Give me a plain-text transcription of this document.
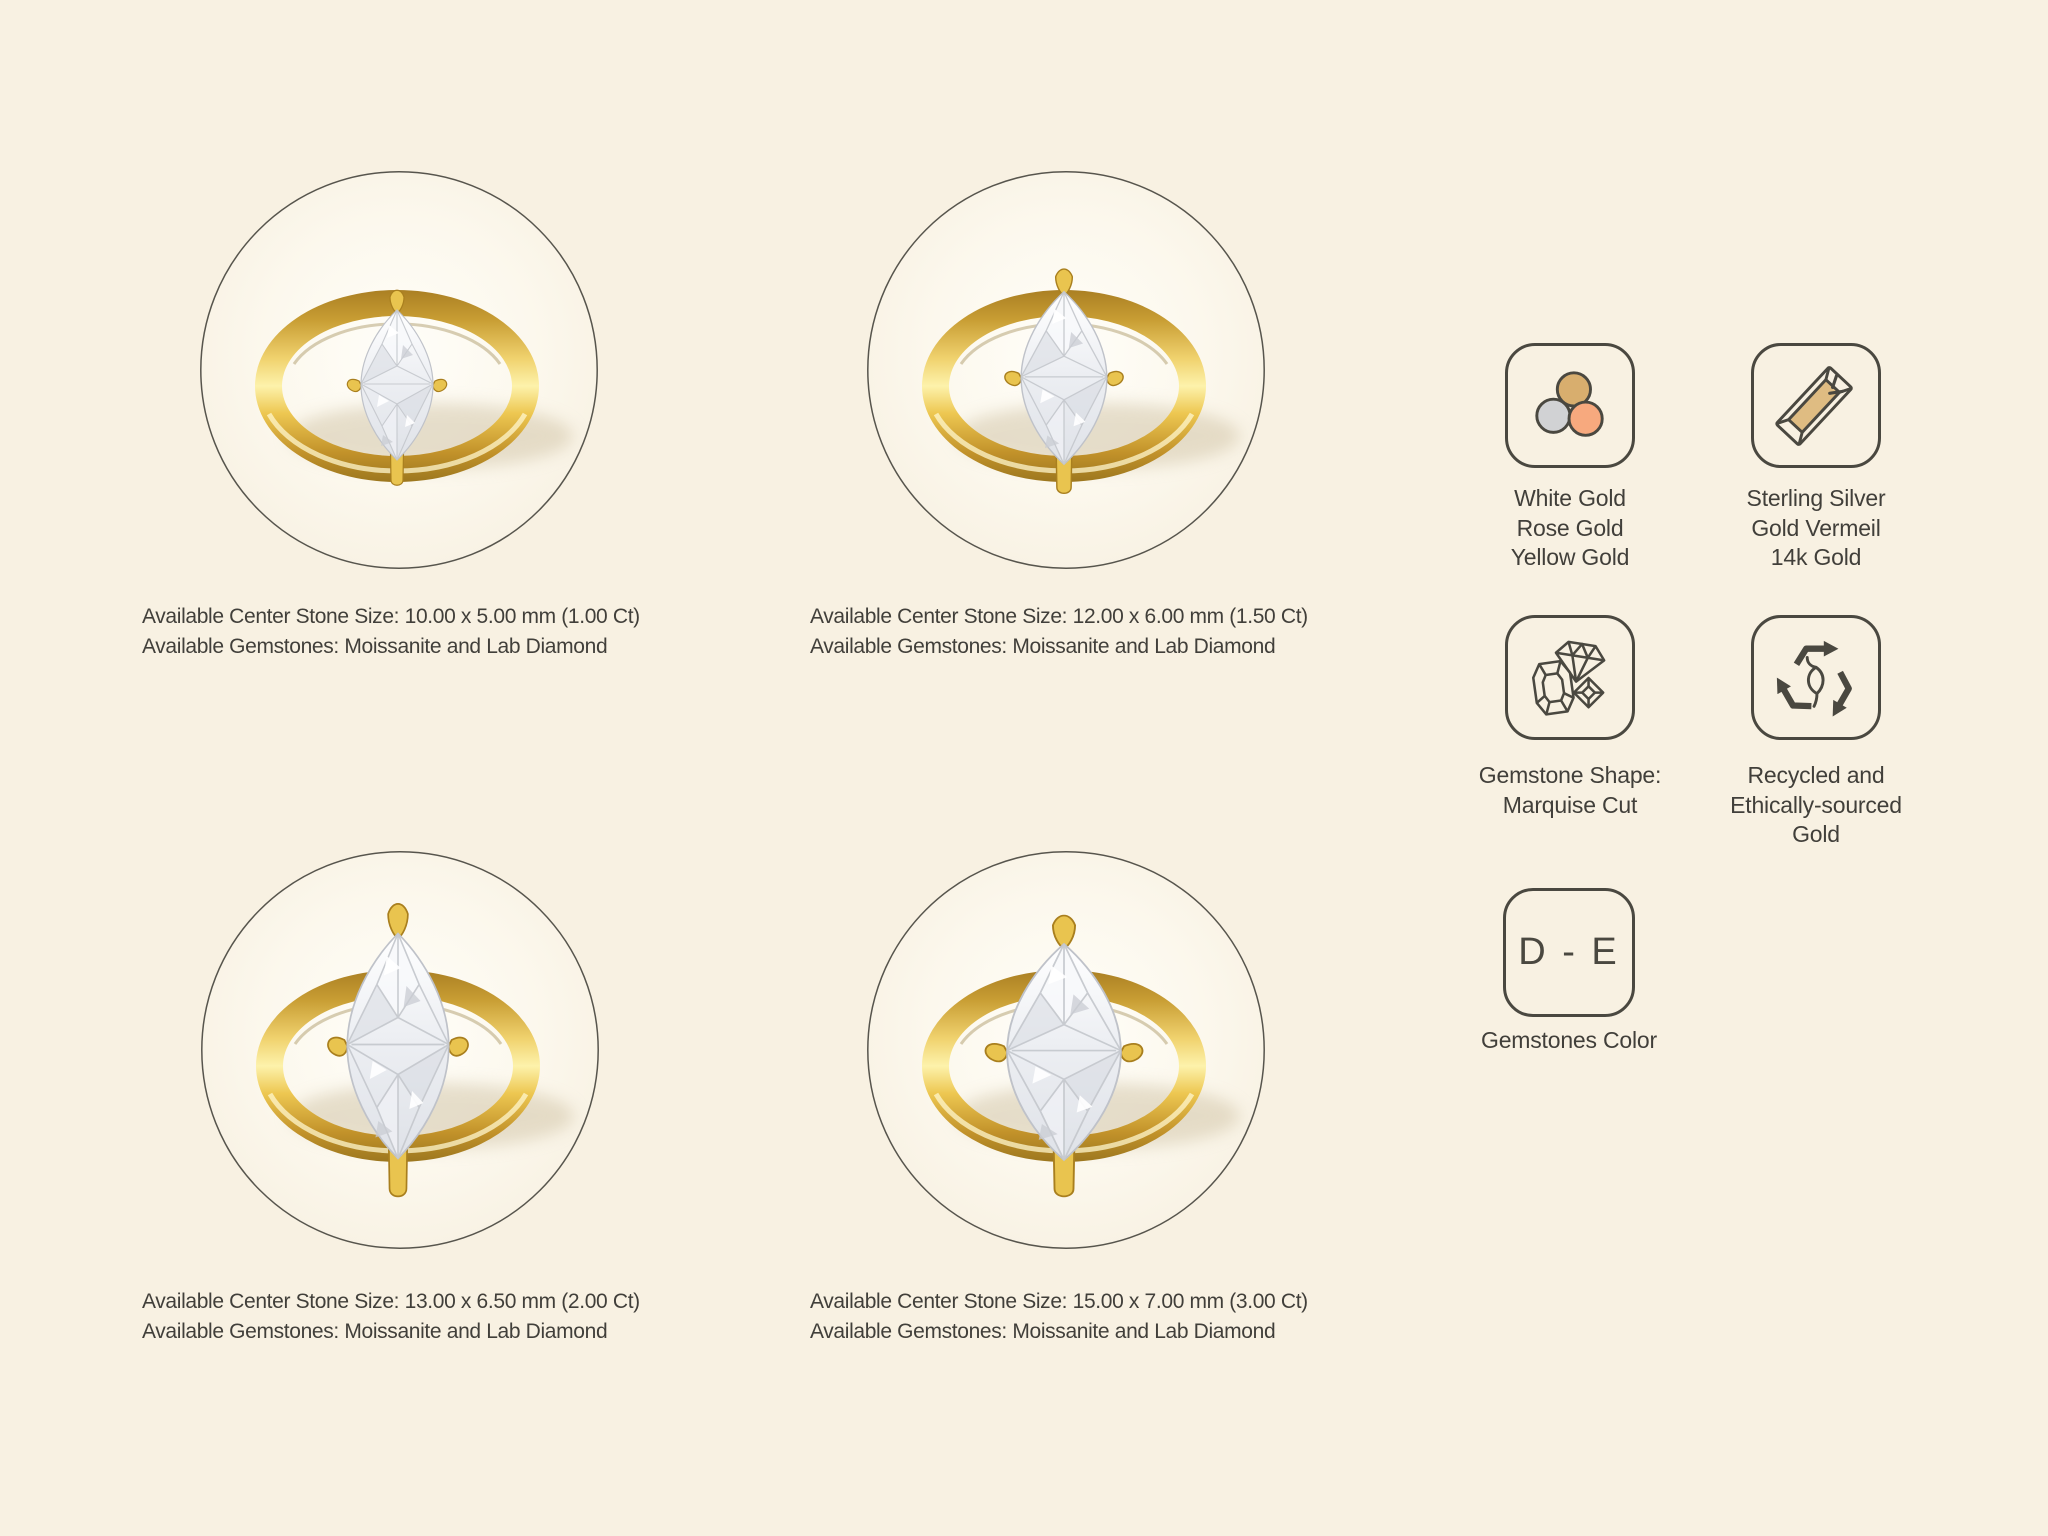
Available Center Stone Size: 10.00 x 5.00 mm (1.00 Ct)
Available Gemstones: Moissanite and Lab Diamond
Available Center Stone Size: 12.00 x 6.00 mm (1.50 Ct)
Available Gemstones: Moissanite and Lab Diamond
Available Center Stone Size: 13.00 x 6.50 mm (2.00 Ct)
Available Gemstones: Moissanite and Lab Diamond
Available Center Stone Size: 15.00 x 7.00 mm (3.00 Ct)
Available Gemstones: Moissanite and Lab Diamond
White Gold
Rose Gold
Yellow Gold
Sterling Silver
Gold Vermeil
14k Gold
Gemstone Shape:
Marquise Cut
Recycled and
Ethically-sourced
Gold
D - E
Gemstones Color
